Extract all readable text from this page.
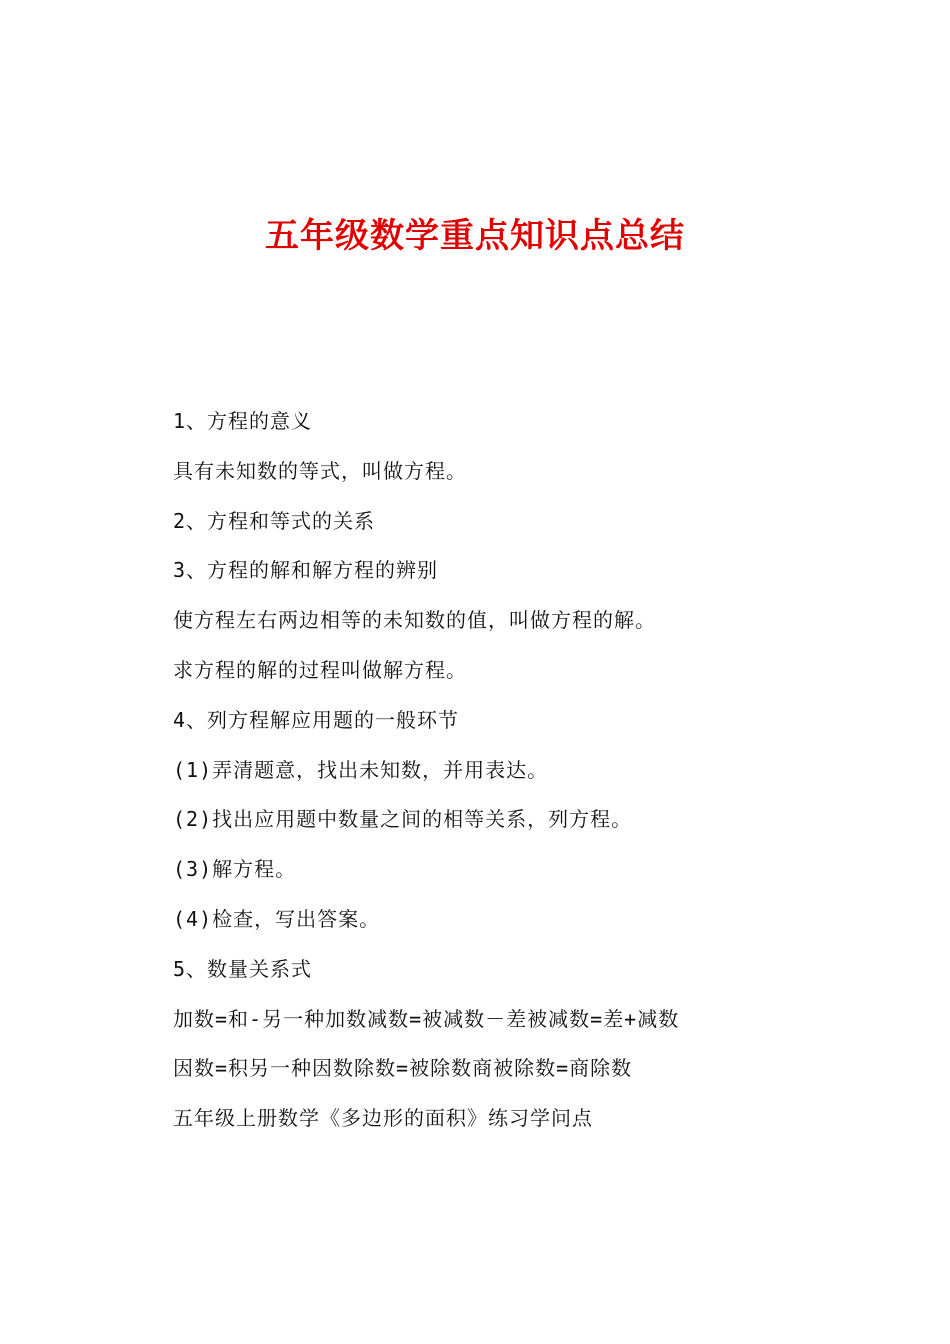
五年级数学重点知识点总结
1、方程的意义
具有未知数的等式，叫做方程。
2、方程和等式的关系
3、方程的解和解方程的辨别
使方程左右两边相等的未知数的值，叫做方程的解。
求方程的解的过程叫做解方程。
4、列方程解应用题的一般环节
(1)弄清题意，找出未知数，并用表达。
(2)找出应用题中数量之间的相等关系，列方程。
(3)解方程。
(4)检查，写出答案。
5、数量关系式
加数=和-另一种加数减数=被减数－差被减数=差+减数
因数=积另一种因数除数=被除数商被除数=商除数
五年级上册数学《多边形的面积》练习学问点
